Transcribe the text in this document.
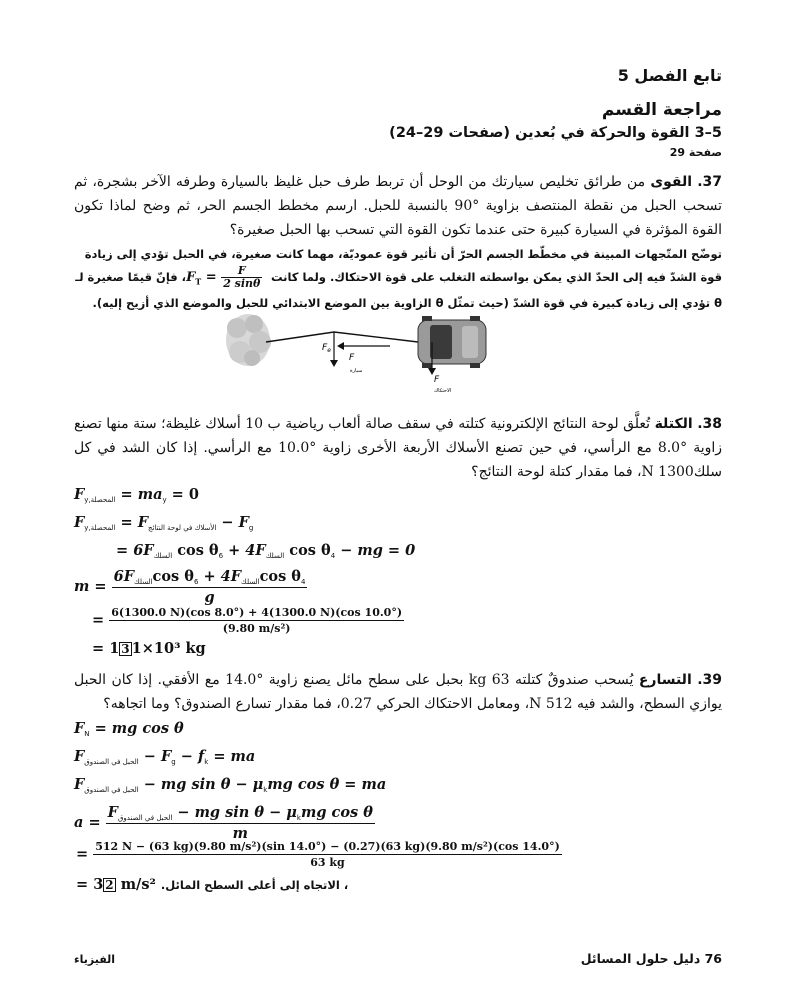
تابع الفصل 5
مراجعة القسم
5–3 القوة والحركة في بُعدين (صفحات 29–24)
صفحة 29
37. القوى من طرائق تخليص سيارتك من الوحل أن تربط طرف حبل غليظ بالسيارة وطرفه الآخر بشجرة، ثم تسحب الحبل من نقطة المنتصف بزاوية °90 بالنسبة للحبل. ارسم مخطط الجسم الحر، ثم وضح لماذا تكون القوة المؤثرة في السيارة كبيرة حتى عندما تكون القوة التي تسحب بها الحبل صغيرة؟
توضّح المتّجهات المبينة في مخطّط الجسم الحرّ أن تأثير قوة عموديّة، مهما كانت صغيرة، في الحبل تؤدي إلى زيادة قوة الشدّ فيه إلى الحدّ الذي يمكن بواسطته التغلب على قوة الاحتكاك. ولما كانت $F_T = \frac{F}{2 \sin\theta}$
، فإنّ قيمًا صغيرة لـ θ تؤدي إلى زيادة كبيرة في قوة الشدّ (حيث تمثّل θ الزاوية بين الموضع الابتدائي للحبل والموضع الذي أزيح إليه).
$F_e$
F
سيارة
F
الاحتكاك
38. الكتلة تُعلَّق لوحة النتائج الإلكترونية كتلته في سقف صالة ألعاب رياضية ب 10 أسلاك غليظة؛ ستة منها تصنع زاوية °8.0 مع الرأسي، في حين تصنع الأسلاك الأربعة الأخرى زاوية °10.0 مع الرأسي. إذا كان الشد في كل سلكN 1300، فما مقدار كتلة لوحة النتائج؟
$F_{y,المحصلة} = ma_y = 0$
$F_{y,المحصلة} = F_{الأسلاك في لوحة النتائج} - F_g$
= $6F_{السلك}$ $\cos \theta_6 + 4F_{السلك}$ $\cos \theta_4$ − mg = 0
m =
$6F_{السلك}\cos$ $\theta_6 + 4F_{السلك}\cos$ $\theta_4$
g
= $\frac{6(1300.0 N)(\cos 8.0^\circ) + 4(1300.0 N)(\cos 10.0^\circ)}{\text{(9.80 m/s²)}}$
= 1 3 1×10³ kg
39. التسارع يُسحب صندوقٌ كتلته 63 kg بحبل على سطح مائل يصنع زاوية °14.0 مع الأفقي. إذا كان الحبل يوازي السطح، والشد فيه N 512، ومعامل الاحتكاك الحركي 0.27، فما مقدار تسارع الصندوق؟ وما اتجاهه؟
$F_N$ = mg cos θ
$F_{الحبل في الصندوق} - F_g - f_k$ = ma
$F_{الحبل في الصندوق}$ − mg $\sin \theta - \mu_kmg$ cos θ = ma
a =
$F_{الحبل في الصندوق}$ − mg $\sin \theta - \mu_kmg$ cos θ
m
= 512 N − (63 kg)(9.80 m/s²)(sin 14.0°) − (0.27)(63 kg)(9.80 m/s²)(cos 14.0°)
63 kg
= 3 2 m/s² ، الاتجاه إلى أعلى السطح المائل.
76 دليل حلول المسائل
الفيزياء
